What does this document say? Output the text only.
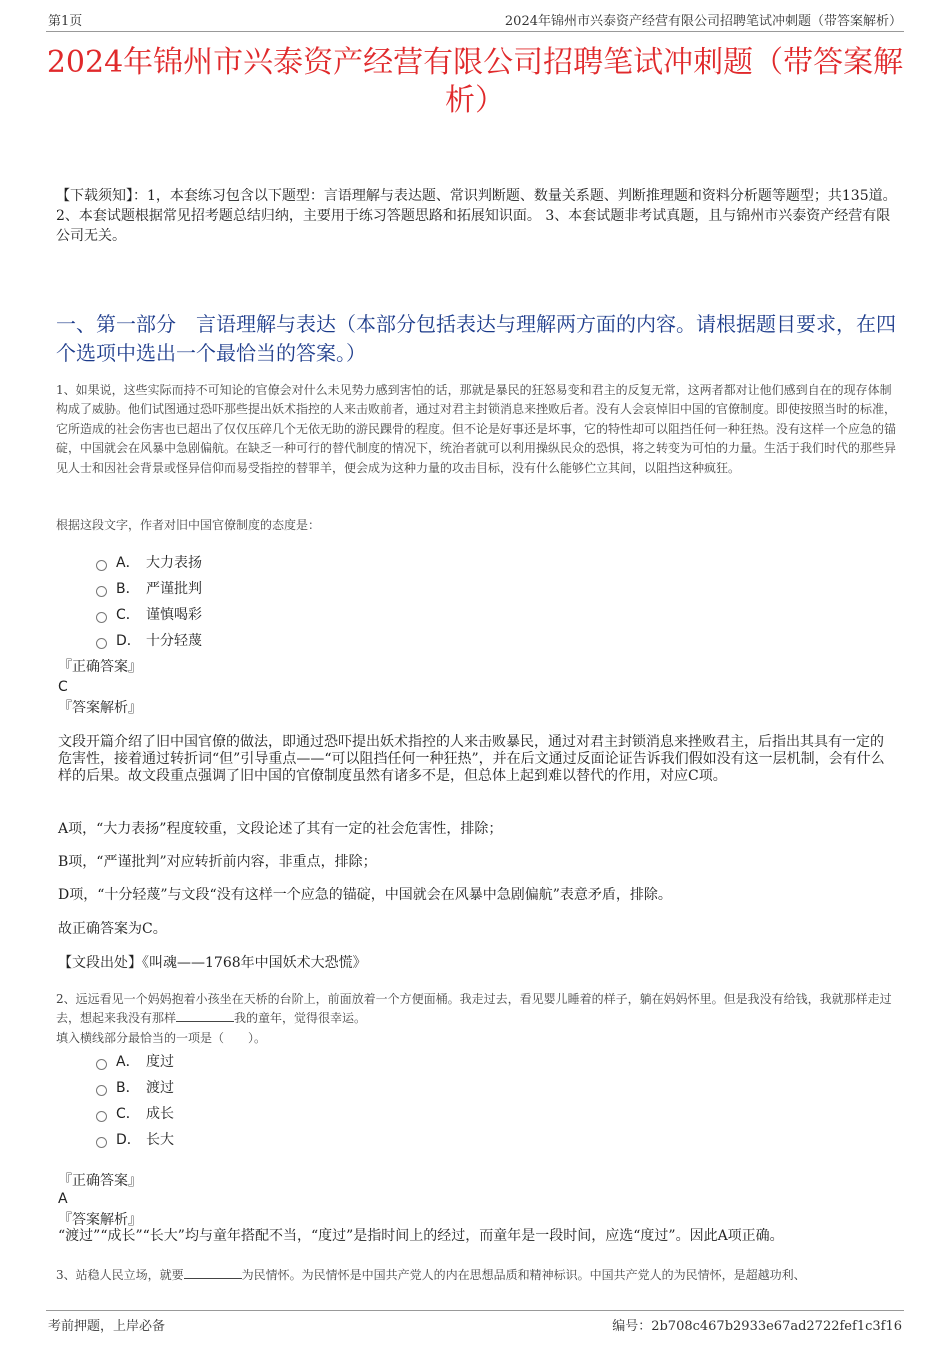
第1页	2024年锦州市兴泰资产经营有限公司招聘笔试冲刺题（带答案解析）
2024年锦州市兴泰资产经营有限公司招聘笔试冲刺题（带答案解析）
【下载须知】：1，本套练习包含以下题型：言语理解与表达题、常识判断题、数量关系题、判断推理题和资料分析题等题型；共135道。 2、本套试题根据常见招考题总结归纳，主要用于练习答题思路和拓展知识面。 3、本套试题非考试真题，且与锦州市兴泰资产经营有限公司无关。
一、第一部分　言语理解与表达（本部分包括表达与理解两方面的内容。请根据题目要求，在四个选项中选出一个最恰当的答案。）
1、如果说，这些实际而持不可知论的官僚会对什么未见势力感到害怕的话，那就是暴民的狂怒易变和君主的反复无常，这两者都对让他们感到自在的现存体制构成了威胁。他们试图通过恐吓那些提出妖术指控的人来击败前者，通过对君主封锁消息来挫败后者。没有人会哀悼旧中国的官僚制度。即使按照当时的标准，它所造成的社会伤害也已超出了仅仅压碎几个无依无助的游民踝骨的程度。但不论是好事还是坏事，它的特性却可以阻挡任何一种狂热。没有这样一个应急的锚碇，中国就会在风暴中急剧偏航。在缺乏一种可行的替代制度的情况下，统治者就可以利用操纵民众的恐惧，将之转变为可怕的力量。生活于我们时代的那些异见人士和因社会背景或怪异信仰而易受指控的替罪羊，便会成为这种力量的攻击目标，没有什么能够伫立其间，以阻挡这种疯狂。
根据这段文字，作者对旧中国官僚制度的态度是：
A． 大力表扬
B． 严谨批判
C． 谨慎喝彩
D． 十分轻蔑
『正确答案』
C
『答案解析』
文段开篇介绍了旧中国官僚的做法，即通过恐吓提出妖术指控的人来击败暴民，通过对君主封锁消息来挫败君主，后指出其具有一定的危害性，接着通过转折词“但”引导重点——“可以阻挡任何一种狂热”，并在后文通过反面论证告诉我们假如没有这一层机制，会有什么样的后果。故文段重点强调了旧中国的官僚制度虽然有诸多不是，但总体上起到难以替代的作用，对应C项。
A项，“大力表扬”程度较重，文段论述了其有一定的社会危害性，排除；
B项，“严谨批判”对应转折前内容，非重点，排除；
D项，“十分轻蔑”与文段“没有这样一个应急的锚碇，中国就会在风暴中急剧偏航”表意矛盾，排除。
故正确答案为C。
【文段出处】《叫魂——1768年中国妖术大恐慌》
2、远远看见一个妈妈抱着小孩坐在天桥的台阶上，前面放着一个方便面桶。我走过去，看见婴儿睡着的样子，躺在妈妈怀里。但是我没有给钱，我就那样走过去，想起来我没有那样	我的童年，觉得很幸运。
填入横线部分最恰当的一项是（　　）。
A． 度过
B． 渡过
C． 成长
D． 长大
『正确答案』
A
『答案解析』
“渡过”“成长”“长大”均与童年搭配不当，“度过”是指时间上的经过，而童年是一段时间，应选“度过”。因此A项正确。
3、站稳人民立场，就要	为民情怀。为民情怀是中国共产党人的内在思想品质和精神标识。中国共产党人的为民情怀，是超越功利、
考前押题，上岸必备	编号：2b708c467b2933e67ad2722fef1c3f16
